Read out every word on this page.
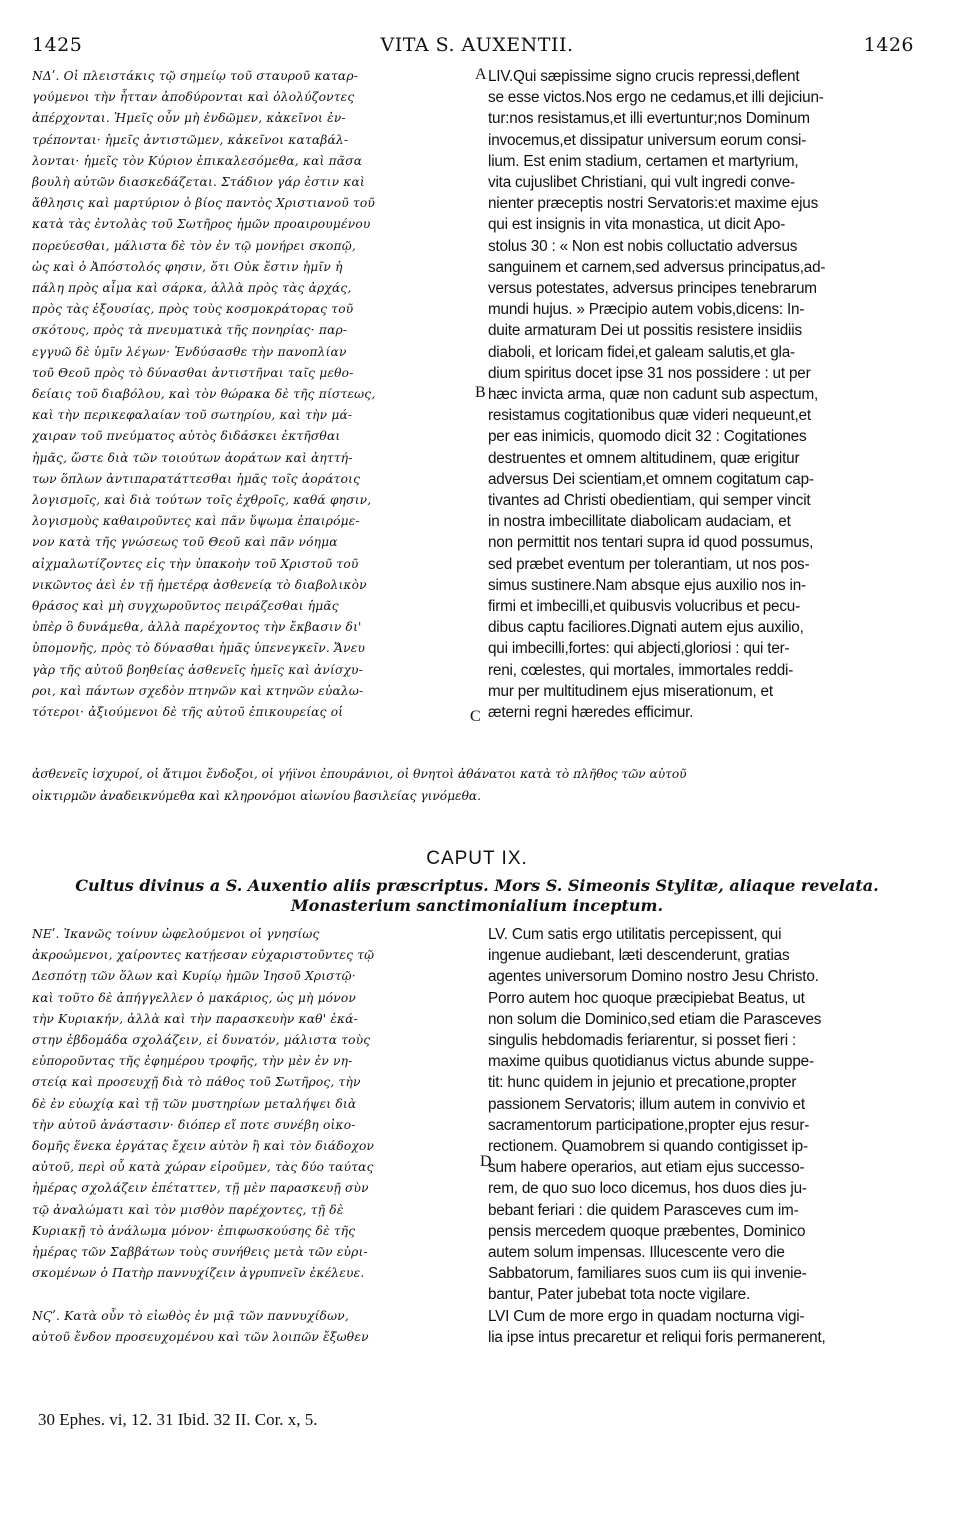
1425	VITA S. AUXENTII.	1426

ΝΔʹ. Οἱ πλειστάκις τῷ σημείῳ τοῦ σταυροῦ καταρ-

γούμενοι τὴν ἧτταν ἀποδύρονται καὶ ὀλολύζοντες

ἀπέρχονται. Ἡμεῖς οὖν μὴ ἐνδῶμεν, κἀκεῖνοι ἐν-

τρέπονται· ἡμεῖς ἀντιστῶμεν, κἀκεῖνοι καταβάλ-

λονται· ἡμεῖς τὸν Κύριον ἐπικαλεσόμεθα, καὶ πᾶσα

βουλὴ αὐτῶν διασκεδάζεται. Στάδιον γάρ ἐστιν καὶ

ἄθλησις καὶ μαρτύριον ὁ βίος παντὸς Χριστιανοῦ τοῦ

κατὰ τὰς ἐντολὰς τοῦ Σωτῆρος ἡμῶν προαιρουμένου

πορεύεσθαι, μάλιστα δὲ τὸν ἐν τῷ μονήρει σκοπῷ,

ὡς καὶ ὁ Ἀπόστολός φησιν, ὅτι Οὐκ ἔστιν ἡμῖν ἡ

πάλη πρὸς αἷμα καὶ σάρκα, ἀλλὰ πρὸς τὰς ἀρχάς,

πρὸς τὰς ἐξουσίας, πρὸς τοὺς κοσμοκράτορας τοῦ

σκότους, πρὸς τὰ πνευματικὰ τῆς πονηρίας· παρ-

εγγυῶ δὲ ὑμῖν λέγων· Ἐνδύσασθε τὴν πανοπλίαν

τοῦ Θεοῦ πρὸς τὸ δύνασθαι ἀντιστῆναι ταῖς μεθο-

δείαις τοῦ διαβόλου, καὶ τὸν θώρακα δὲ τῆς πίστεως,

καὶ τὴν περικεφαλαίαν τοῦ σωτηρίου, καὶ τὴν μά-

χαιραν τοῦ πνεύματος αὐτὸς διδάσκει ἐκτῆσθαι

ἡμᾶς, ὥστε διὰ τῶν τοιούτων ἀοράτων καὶ ἀηττή-

των ὅπλων ἀντιπαρατάττεσθαι ἡμᾶς τοῖς ἀοράτοις

λογισμοῖς, καὶ διὰ τούτων τοῖς ἐχθροῖς, καθά φησιν,

λογισμοὺς καθαιροῦντες καὶ πᾶν ὕψωμα ἐπαιρόμε-

νον κατὰ τῆς γνώσεως τοῦ Θεοῦ καὶ πᾶν νόημα

αἰχμαλωτίζοντες εἰς τὴν ὑπακοὴν τοῦ Χριστοῦ τοῦ

νικῶντος ἀεὶ ἐν τῇ ἡμετέρᾳ ἀσθενείᾳ τὸ διαβολικὸν

θράσος καὶ μὴ συγχωροῦντος πειράζεσθαι ἡμᾶς

ὑπὲρ ὃ δυνάμεθα, ἀλλὰ παρέχοντος τὴν ἔκβασιν δι'

ὑπομονῆς, πρὸς τὸ δύνασθαι ἡμᾶς ὑπενεγκεῖν. Ἄνευ

γὰρ τῆς αὐτοῦ βοηθείας ἀσθενεῖς ἡμεῖς καὶ ἀνίσχυ-

ροι, καὶ πάντων σχεδὸν πτηνῶν καὶ κτηνῶν εὐαλω-

τότεροι· ἀξιούμενοι δὲ τῆς αὐτοῦ ἐπικουρείας οἱ

LIV.Qui sæpissime signo crucis repressi,deflent

se esse victos.Nos ergo ne cedamus,et illi dejiciun-

tur:nos resistamus,et illi evertuntur;nos Dominum

invocemus,et dissipatur universum eorum consi-

lium. Est enim stadium, certamen et martyrium,

vita cujuslibet Christiani, qui vult ingredi conve-

nienter præceptis nostri Servatoris:et maxime ejus

qui est insignis in vita monastica, ut dicit Apo-

stolus 30 : « Non est nobis colluctatio adversus

sanguinem et carnem,sed adversus principatus,ad-

versus potestates, adversus principes tenebrarum

mundi hujus. » Præcipio autem vobis,dicens: In-

duite armaturam Dei ut possitis resistere insidiis

diaboli, et loricam fidei,et galeam salutis,et gla-

dium spiritus docet ipse 31 nos possidere : ut per

hæc invicta arma, quæ non cadunt sub aspectum,

resistamus cogitationibus quæ videri nequeunt,et

per eas inimicis, quomodo dicit 32 : Cogitationes

destruentes et omnem altitudinem, quæ erigitur

adversus Dei scientiam,et omnem cogitatum cap-

tivantes ad Christi obedientiam, qui semper vincit

in nostra imbecillitate diabolicam audaciam, et

non permittit nos tentari supra id quod possumus,

sed præbet eventum per tolerantiam, ut nos pos-

simus sustinere.Nam absque ejus auxilio nos in-

firmi et imbecilli,et quibusvis volucribus et pecu-

dibus captu faciliores.Dignati autem ejus auxilio,

qui imbecilli,fortes: qui abjecti,gloriosi : qui ter-

reni, cœlestes, qui mortales, immortales reddi-

mur per multitudinem ejus miserationum, et

æterni regni hæredes efficimur.

A
B
C
D
ἀσθενεῖς ἰσχυροί, οἱ ἄτιμοι ἔνδοξοι, οἱ γήϊνοι ἐπουράνιοι, οἱ θνητοὶ ἀθάνατοι κατὰ τὸ πλῆθος τῶν αὐτοῦ
οἰκτιρμῶν ἀναδεικνύμεθα καὶ κληρονόμοι αἰωνίου βασιλείας γινόμεθα.
CAPUT IX.
Cultus divinus a S. Auxentio aliis præscriptus. Mors S. Simeonis Stylitæ, aliaque revelata.
Monasterium sanctimonialium inceptum.

ΝΕʹ. Ἱκανῶς τοίνυν ὠφελούμενοι οἱ γνησίως

ἀκροώμενοι, χαίροντες κατῄεσαν εὐχαριστοῦντες τῷ

Δεσπότῃ τῶν ὅλων καὶ Κυρίῳ ἡμῶν Ἰησοῦ Χριστῷ·

καὶ τοῦτο δὲ ἀπήγγελλεν ὁ μακάριος, ὡς μὴ μόνον

τὴν Κυριακήν, ἀλλὰ καὶ τὴν παρασκευὴν καθ' ἑκά-

στην ἑβδομάδα σχολάζειν, εἰ δυνατόν, μάλιστα τοὺς

εὐποροῦντας τῆς ἐφημέρου τροφῆς, τὴν μὲν ἐν νη-

στείᾳ καὶ προσευχῇ διὰ τὸ πάθος τοῦ Σωτῆρος, τὴν

δὲ ἐν εὐωχίᾳ καὶ τῇ τῶν μυστηρίων μεταλήψει διὰ

τὴν αὐτοῦ ἀνάστασιν· διόπερ εἴ ποτε συνέβη οἰκο-

δομῆς ἕνεκα ἐργάτας ἔχειν αὐτὸν ἢ καὶ τὸν διάδοχον

αὐτοῦ, περὶ οὗ κατὰ χώραν εἰροῦμεν, τὰς δύο ταύτας

ἡμέρας σχολάζειν ἐπέταττεν, τῇ μὲν παρασκευῇ σὺν

τῷ ἀναλώματι καὶ τὸν μισθὸν παρέχοντες, τῇ δὲ

Κυριακῇ τὸ ἀνάλωμα μόνον· ἐπιφωσκούσης δὲ τῆς

ἡμέρας τῶν Σαββάτων τοὺς συνήθεις μετὰ τῶν εὑρι-

σκομένων ὁ Πατὴρ παννυχίζειν ἀγρυπνεῖν ἐκέλευε.

ΝϚʹ. Κατὰ οὖν τὸ εἰωθὸς ἐν μιᾷ τῶν παννυχίδων,

αὐτοῦ ἔνδον προσευχομένου καὶ τῶν λοιπῶν ἔξωθεν

LV. Cum satis ergo utilitatis percepissent, qui

ingenue audiebant, læti descenderunt, gratias

agentes universorum Domino nostro Jesu Christo.

Porro autem hoc quoque præcipiebat Beatus, ut

non solum die Dominico,sed etiam die Parasceves

singulis hebdomadis feriarentur, si posset fieri :

maxime quibus quotidianus victus abunde suppe-

tit: hunc quidem in jejunio et precatione,propter

passionem Servatoris; illum autem in convivio et

sacramentorum participatione,propter ejus resur-

rectionem. Quamobrem si quando contigisset ip-

sum habere operarios, aut etiam ejus successo-

rem, de quo suo loco dicemus, hos duos dies ju-

bebant feriari : die quidem Parasceves cum im-

pensis mercedem quoque præbentes, Dominico

autem solum impensas. Illucescente vero die

Sabbatorum, familiares suos cum iis qui invenie-

bantur, Pater jubebat tota nocte vigilare.

LVI Cum de more ergo in quadam nocturna vigi-

lia ipse intus precaretur et reliqui foris permanerent,

30 Ephes. vi, 12. 31 Ibid. 32 II. Cor. x, 5.
